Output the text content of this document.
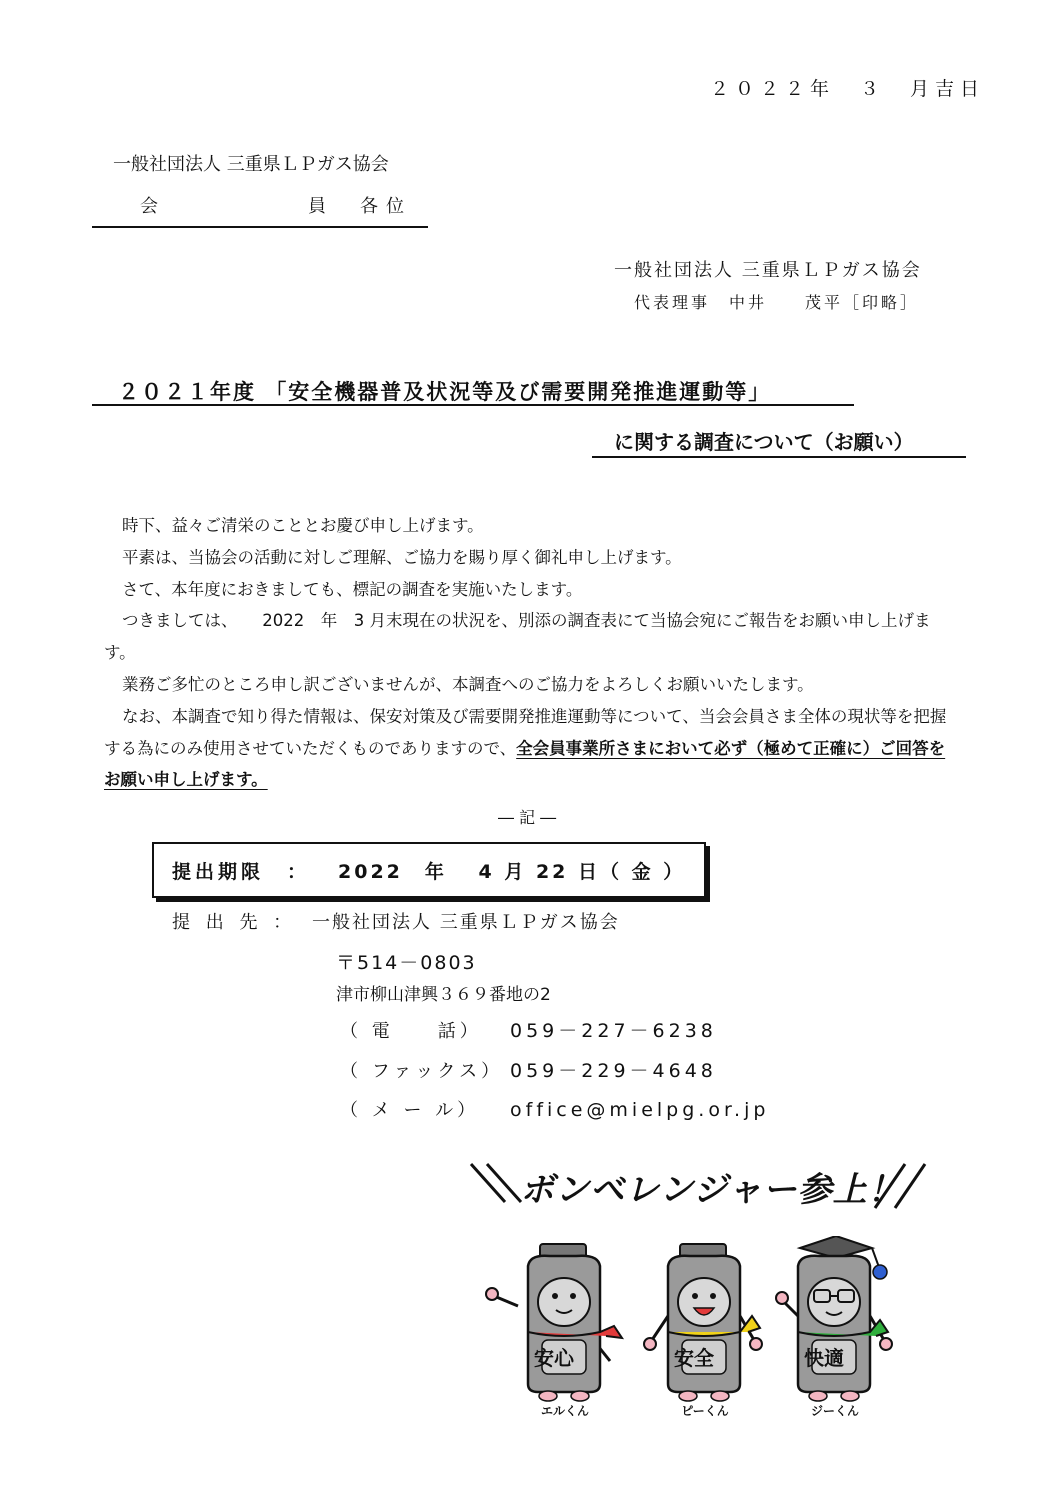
２０２２年　３　月吉日
一般社団法人 三重県ＬＰガス協会
会	員　各位

一般社団法人 三重県ＬＰガス協会
代表理事　中井　　茂平［印略］
２０２１年度 「安全機器普及状況等及び需要開発推進運動等」
に関する調査について（お願い）

時下、益々ご清栄のこととお慶び申し上げます。

平素は、当協会の活動に対しご理解、ご協力を賜り厚く御礼申し上げます。

さて、本年度におきましても、標記の調査を実施いたします。

つきましては、　　2022　年　3 月末現在の状況を、別添の調査表にて当協会宛にご報告をお願い申し上げます。

業務ご多忙のところ申し訳ございませんが、本調査へのご協力をよろしくお願いいたします。

なお、本調査で知り得た情報は、保安対策及び需要開発推進運動等について、当会会員さま全体の現状等を把握する為にのみ使用させていただくものでありますので、全会員事業所さまにおいて必ず（極めて正確に）ご回答をお願い申し上げます。

― 記 ―
提出期限　： 2022　年　 4 月 22 日（ 金 ）
提 出 先 ： 一般社団法人 三重県ＬＰガス協会
〒514－0803
津市柳山津興３６９番地の2
（ 電　　話） 059－227－6238
（ ファックス） 059－229－4648
（ メ ー ル） office@mielpg.or.jp
ボンベレンジャー参上！
安心	安全	快適
エルくん	ピーくん	ジーくん
